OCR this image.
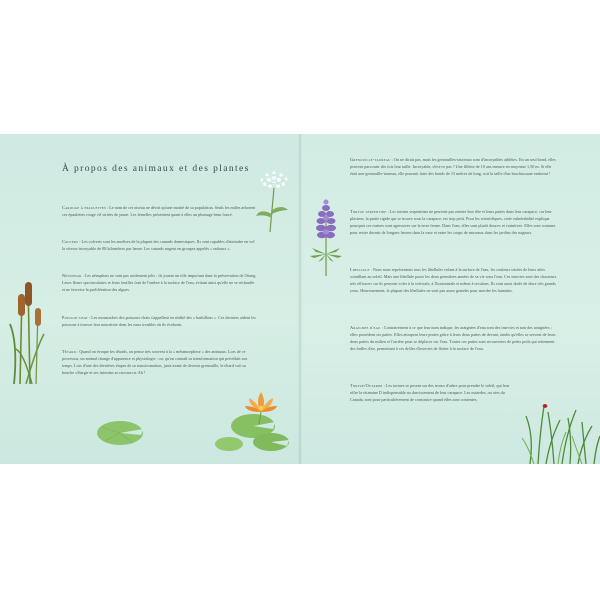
À propos des animaux et des plantes
Carouge à épaulettes : Le nom de cet oiseau ne décrit qu'une moitié de sa population. Seuls les mâles arborent ces épaulettes rouge vif striées de jaune. Les femelles présentent quant à elles un plumage brun foncé.
Colvert : Les colverts sont les ancêtres de la plupart des canards domestiques. Ils sont capables d'atteindre en vol la vitesse incroyable de 88 kilomètres par heure. Les canards nagent en groupes appelés « radeaux ».
Nénuphar : Les nénuphars ne sont pas seulement jolis ; ils jouent un rôle important dans la préservation de l'étang. Leurs fleurs spectaculaires et leurs feuilles font de l'ombre à la surface de l'eau, évitant ainsi qu'elle ne se réchauffe et ne favorise la prolifération des algues.
Poisson-chat : Les moustaches des poissons-chats s'appellent en réalité des « barbillons ». Ces derniers aident les poissons à trouver leur nourriture dans les eaux troubles où ils évoluent.
Têtard : Quand on évoque les têtards, on pense très souvent à la « métamorphose » des animaux. Lors de ce processus, un animal change d'apparence et physiologie ; ou, qu'on connaît sa transformation qui précédait son temps. Lors d'une des dernières étapes de sa transformation, juste avant de devenir grenouille, le têtard voit sa bouche s'élargir et ses intestins se raccourcir. Ah !
Grenouille-taureau : On ne dirait pas, mais les grenouilles-taureaux sont d'incroyables athlètes. En un seul bond, elles peuvent parcourir dix fois leur taille. Incroyable, n'est-ce pas ? Une fillette de 10 ans mesure en moyenne 1,50 m. Si elle était une grenouille-taureau, elle pourrait faire des bonds de 15 mètres de long, soit la taille d'un brachiosaure endormi !
Tortue serpentine : Les tortues serpentines ne peuvent pas rentrer leur tête et leurs pattes dans leur carapace, car leur plastron, la partie rigide qui se trouve sous la carapace, est trop petit. Pour les scientifiques, cette vulnérabilité explique pourquoi ces tortues sont agressives sur la terre ferme. Dans l'eau, elles sont plutôt douces et craintives. Elles sont connues pour rester dormir de longues heures dans la vase et entre les coups de museaux dans les jardins des nageurs.
Libellule : Nous nous représentons tous les libellules volant à la surface de l'eau, les couleurs irisées de leurs ailes scintillant au soleil. Mais une libellule passe les deux premières années de sa vie sous l'eau. Ces insectes sont des chasseurs très efficaces car ils peuvent voler à la verticale, à l'horizontale et même à reculons. Ils sont aussi dotés de deux très grands yeux. Heureusement, la plupart des libellules ne sont pas assez grandes pour mordre les humains.
Araignée d'eau : Contrairement à ce que leur nom indique, les araignées d'eau sont des insectes et non des araignées ; elles possèdent six pattes. Elles attrapent leurs proies grâce à leurs deux pattes de devant, tandis qu'elles se servent de leurs deux pattes du milieu et l'arrière pour se déplacer sur l'eau. Toutes ces pattes sont recouvertes de petits poils qui retiennent des bulles d'air, permettant à ces drôles d'insectes de flotter à la surface de l'eau.
Tortue/Outarde : Les tortues se posent sur des troncs d'arbre pour prendre le soleil, qui leur offre la vitamine D indispensable au durcissement de leur carapace. Les outardes, ou oies du Canada, sont pour particulièrement de construire quand elles sont contentes.
